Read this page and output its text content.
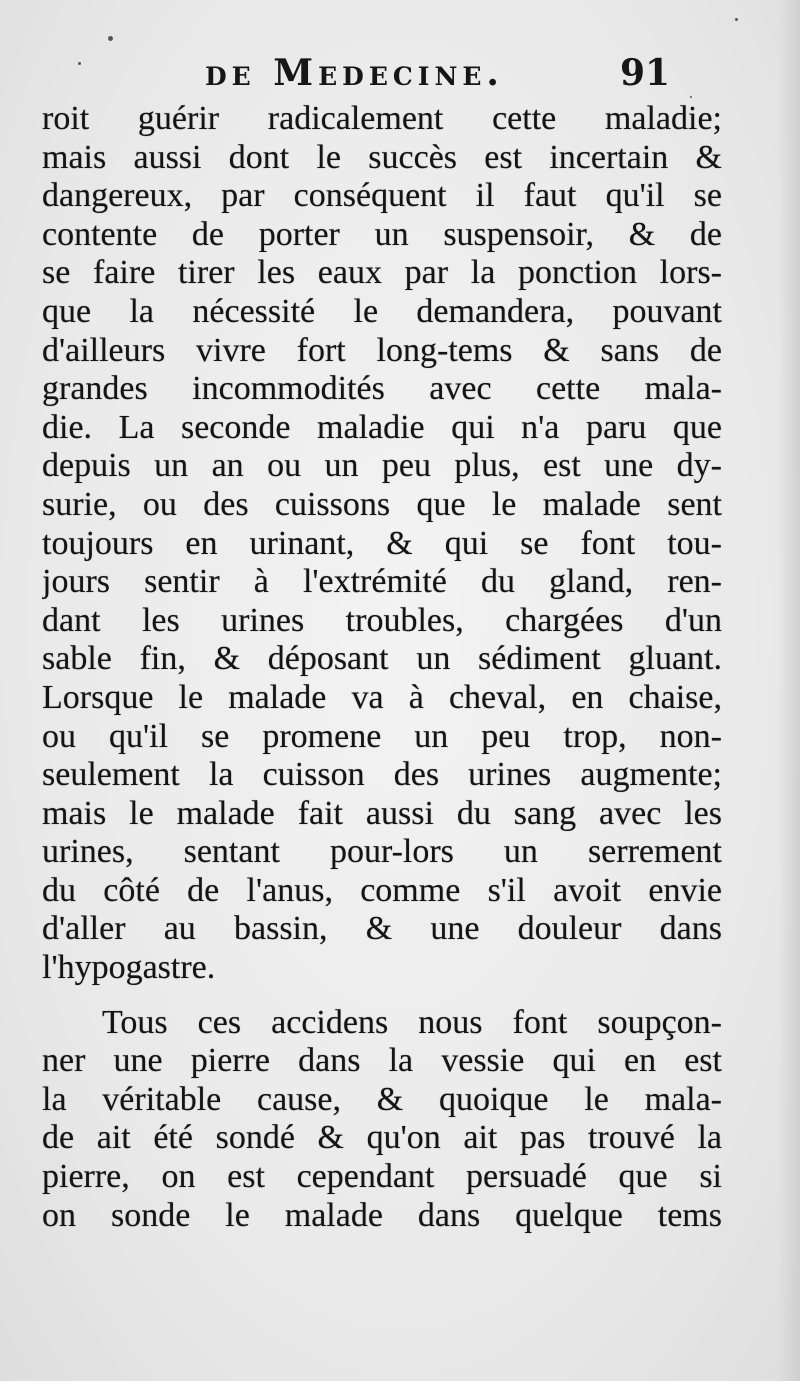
de Medecine.	91
roit guérir radicalement cette maladie;
mais aussi dont le succès est incertain &
dangereux, par conséquent il faut qu'il se
contente de porter un suspensoir, & de
se faire tirer les eaux par la ponction lors-
que la nécessité le demandera, pouvant
d'ailleurs vivre fort long-tems & sans de
grandes incommodités avec cette mala-
die. La seconde maladie qui n'a paru que
depuis un an ou un peu plus, est une dy-
surie, ou des cuissons que le malade sent
toujours en urinant, & qui se font tou-
jours sentir à l'extrémité du gland, ren-
dant les urines troubles, chargées d'un
sable fin, & déposant un sédiment gluant.
Lorsque le malade va à cheval, en chaise,
ou qu'il se promene un peu trop, non-
seulement la cuisson des urines augmente;
mais le malade fait aussi du sang avec les
urines, sentant pour-lors un serrement
du côté de l'anus, comme s'il avoit envie
d'aller au bassin, & une douleur dans
l'hypogastre.
Tous ces accidens nous font soupçon-
ner une pierre dans la vessie qui en est
la véritable cause, & quoique le mala-
de ait été sondé & qu'on ait pas trouvé la
pierre, on est cependant persuadé que si
on sonde le malade dans quelque tems
